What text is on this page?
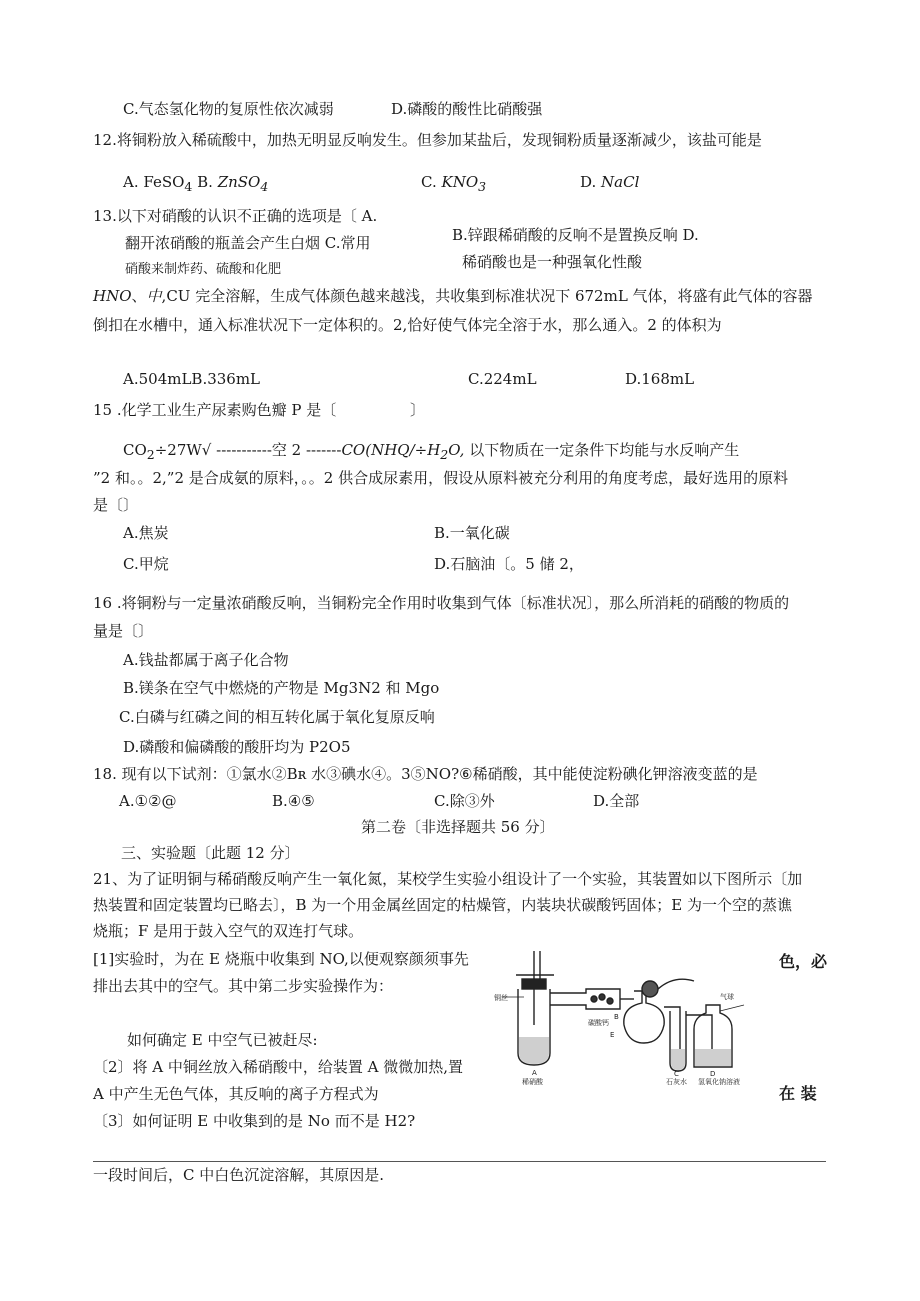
C.气态氢化物的复原性依次减弱	D.磷酸的酸性比硝酸强
12.将铜粉放入稀硫酸中，加热无明显反响发生。但参加某盐后，发现铜粉质量逐渐减少，该盐可能是
A. FeSO$_4$ B. ZnSO$_4$	C. $KNO_3$	D. NaCl
13.以下对硝酸的认识不正确的选项是〔 A.
翻开浓硝酸的瓶盖会产生白烟 C.常用
硝酸来制炸药、硫酸和化肥
B.锌跟稀硝酸的反响不是置换反响 D.
稀硝酸也是一种强氧化性酸
HNO、中,CU 完全溶解，生成气体颜色越来越浅，共收集到标准状况下 672mL 气体，将盛有此气体的容器
倒扣在水槽中，通入标准状况下一定体积的。2,恰好使气体完全溶于水，那么通入。2 的体积为
A.504mLB.336mL	C.224mL	D.168mL
15 .化学工业生产尿素购色瓣 P 是〔	〕
$CO_2\div 27W√$ -----------空 2 $-------CO(NHQ/\div H_2O$, 以下物质在一定条件下均能与水反响产生
”2 和。。2,”2 是合成氨的原料，。。2 供合成尿素用，假设从原料被充分利用的角度考虑，最好选用的原料
是〔〕
A.焦炭	B.一氧化碳
C.甲烷	D.石脑油〔。5 储 2，
16 .将铜粉与一定量浓硝酸反响，当铜粉完全作用时收集到气体〔标准状况〕，那么所消耗的硝酸的物质的
量是〔〕
A.钱盐都属于离子化合物
B.镁条在空气中燃烧的产物是 Mg3N2 和 Mgo
C.白磷与红磷之间的相互转化属于氧化复原反响
D.磷酸和偏磷酸的酸肝均为 P2O5
18. 现有以下试剂：①氯水②Bʀ 水③碘水④。3⑤NO?⑥稀硝酸，其中能使淀粉碘化钾溶液变蓝的是
A.①②@	B.④⑤	C.除③外	D.全部
第二卷〔非选择题共 56 分〕
三、实验题〔此题 12 分〕
21、为了证明铜与稀硝酸反响产生一氧化氮，某校学生实验小组设计了一个实验，其装置如以下图所示〔加
热装置和固定装置均已略去〕，B 为一个用金属丝固定的枯燥管，内装块状碳酸钙固体；E 为一个空的蒸谯
烧瓶；F 是用于鼓入空气的双连打气球。
[1]实验时，为在 E 烧瓶中收集到 NO,以便观察颜须事先
排出去其中的空气。其中第二步实验操作为：
如何确定 E 中空气已被赶尽:
〔2〕将 A 中铜丝放入稀硝酸中，给装置 A 微微加热,置
A 中产生无色气体，其反响的离子方程式为
〔3〕如何证明 E 中收集到的是 No 而不是 H2?
色，必
在 装
铜丝
碳酸钙
B
E
气球
A
稀硝酸
C
石灰水
D
氢氧化钠溶液
一段时间后，C 中白色沉淀溶解，其原因是.
